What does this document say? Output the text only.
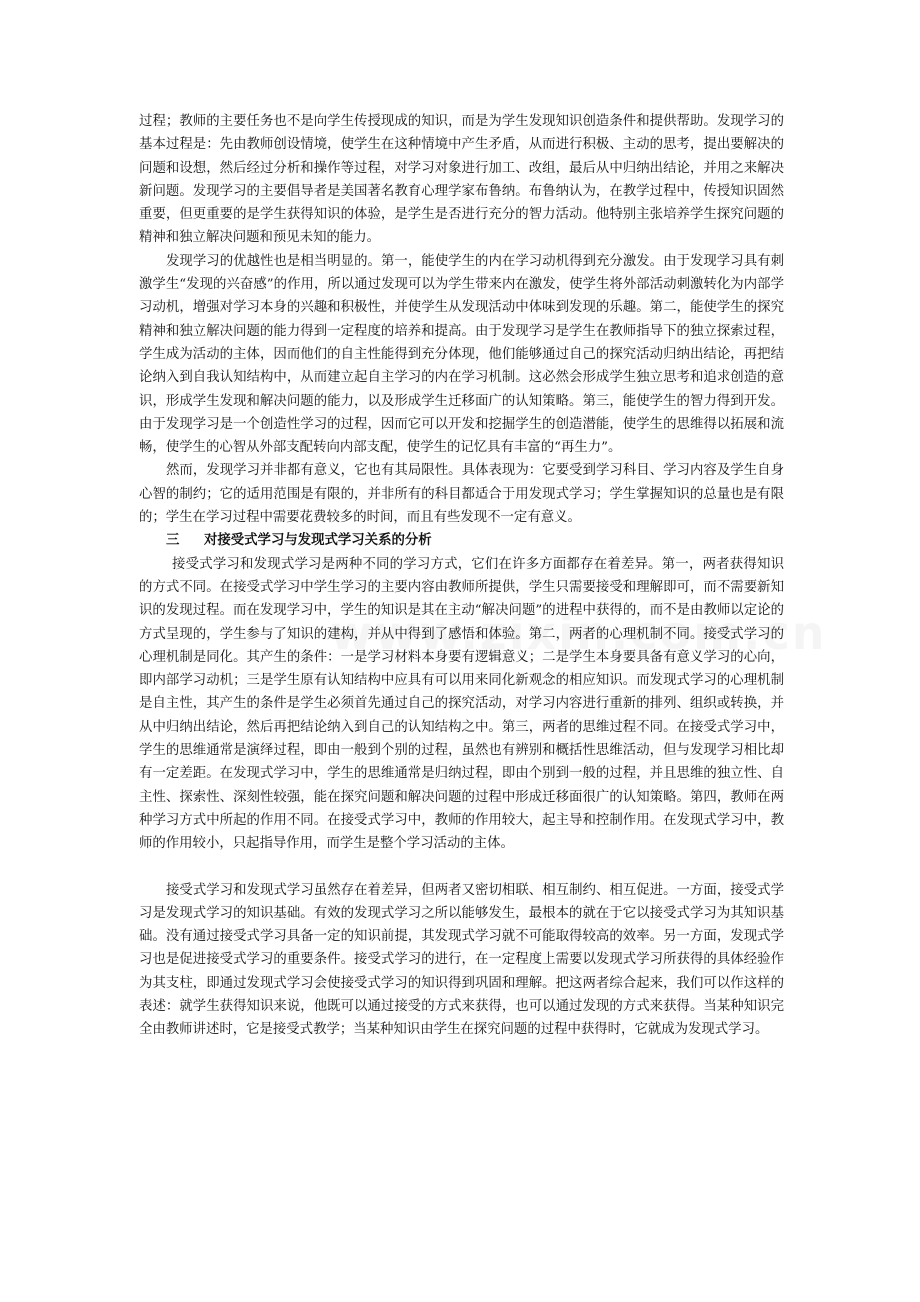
过程；教师的主要任务也不是向学生传授现成的知识，而是为学生发现知识创造条件和提供帮助。发现学习的基本过程是：先由教师创设情境，使学生在这种情境中产生矛盾，从而进行积极、主动的思考，提出要解决的问题和设想，然后经过分析和操作等过程，对学习对象进行加工、改组，最后从中归纳出结论，并用之来解决新问题。发现学习的主要倡导者是美国著名教育心理学家布鲁纳。布鲁纳认为，在教学过程中，传授知识固然重要，但更重要的是学生获得知识的体验，是学生是否进行充分的智力活动。他特别主张培养学生探究问题的精神和独立解决问题和预见未知的能力。

发现学习的优越性也是相当明显的。第一，能使学生的内在学习动机得到充分激发。由于发现学习具有刺激学生“发现的兴奋感”的作用，所以通过发现可以为学生带来内在激发，使学生将外部活动刺激转化为内部学习动机，增强对学习本身的兴趣和积极性，并使学生从发现活动中体味到发现的乐趣。第二，能使学生的探究精神和独立解决问题的能力得到一定程度的培养和提高。由于发现学习是学生在教师指导下的独立探索过程，学生成为活动的主体，因而他们的自主性能得到充分体现，他们能够通过自己的探究活动归纳出结论，再把结论纳入到自我认知结构中，从而建立起自主学习的内在学习机制。这必然会形成学生独立思考和追求创造的意识，形成学生发现和解决问题的能力，以及形成学生迁移面广的认知策略。第三，能使学生的智力得到开发。由于发现学习是一个创造性学习的过程，因而它可以开发和挖掘学生的创造潜能，使学生的思维得以拓展和流畅，使学生的心智从外部支配转向内部支配，使学生的记忆具有丰富的“再生力”。

然而，发现学习并非都有意义，它也有其局限性。具体表现为：它要受到学习科目、学习内容及学生自身心智的制约；它的适用范围是有限的，并非所有的科目都适合于用发现式学习；学生掌握知识的总量也是有限的；学生在学习过程中需要花费较多的时间，而且有些发现不一定有意义。

三 对接受式学习与发现式学习关系的分析

接受式学习和发现式学习是两种不同的学习方式，它们在许多方面都存在着差异。第一，两者获得知识的方式不同。在接受式学习中学生学习的主要内容由教师所提供，学生只需要接受和理解即可，而不需要新知识的发现过程。而在发现学习中，学生的知识是其在主动“解决问题”的进程中获得的，而不是由教师以定论的方式呈现的，学生参与了知识的建构，并从中得到了感悟和体验。第二，两者的心理机制不同。接受式学习的心理机制是同化。其产生的条件：一是学习材料本身要有逻辑意义；二是学生本身要具备有意义学习的心向，即内部学习动机；三是学生原有认知结构中应具有可以用来同化新观念的相应知识。而发现式学习的心理机制是自主性，其产生的条件是学生必须首先通过自己的探究活动，对学习内容进行重新的排列、组织或转换，并从中归纳出结论，然后再把结论纳入到自己的认知结构之中。第三，两者的思维过程不同。在接受式学习中，学生的思维通常是演绎过程，即由一般到个别的过程，虽然也有辨别和概括性思维活动，但与发现学习相比却有一定差距。在发现式学习中，学生的思维通常是归纳过程，即由个别到一般的过程，并且思维的独立性、自主性、探索性、深刻性较强，能在探究问题和解决问题的过程中形成迁移面很广的认知策略。第四，教师在两种学习方式中所起的作用不同。在接受式学习中，教师的作用较大，起主导和控制作用。在发现式学习中，教师的作用较小，只起指导作用，而学生是整个学习活动的主体。

接受式学习和发现式学习虽然存在着差异，但两者又密切相联、相互制约、相互促进。一方面，接受式学习是发现式学习的知识基础。有效的发现式学习之所以能够发生，最根本的就在于它以接受式学习为其知识基础。没有通过接受式学习具备一定的知识前提，其发现式学习就不可能取得较高的效率。另一方面，发现式学习也是促进接受式学习的重要条件。接受式学习的进行，在一定程度上需要以发现式学习所获得的具体经验作为其支柱，即通过发现式学习会使接受式学习的知识得到巩固和理解。把这两者综合起来，我们可以作这样的表述：就学生获得知识来说，他既可以通过接受的方式来获得，也可以通过发现的方式来获得。当某种知识完全由教师讲述时，它是接受式教学；当某种知识由学生在探究问题的过程中获得时，它就成为发现式学习。
